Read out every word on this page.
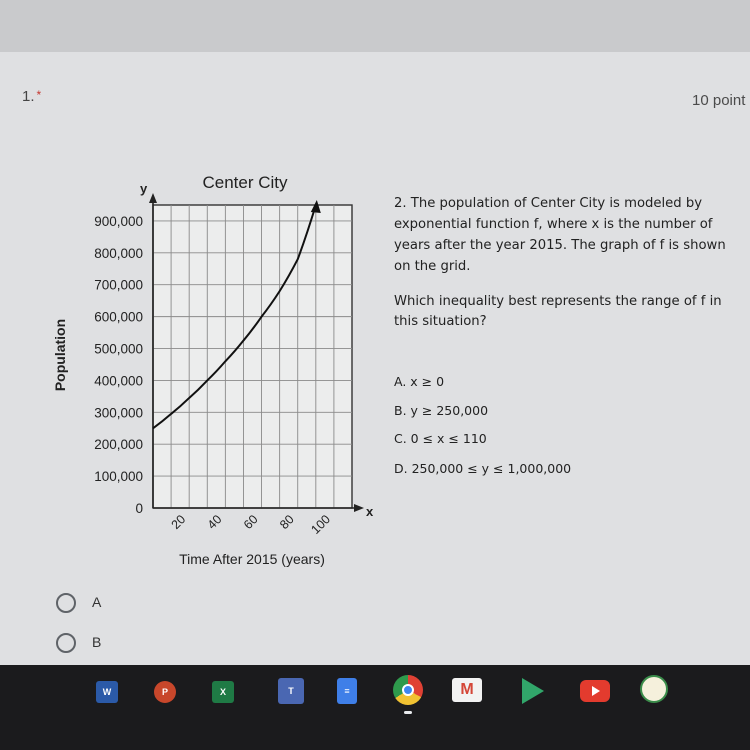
1. *	10 point
y
x
0
100,000
200,000
300,000
400,000
500,000
600,000
700,000
800,000
900,000
20 40 60 80 100
Center City
Time After 2015 (years)
Population

2. The population of Center City is modeled by exponential function f, where x is the number of years after the year 2015. The graph of f is shown on the grid.

Which inequality best represents the range of f in this situation?

A. x ≥ 0
B. y ≥ 250,000
C. 0 ≤ x ≤ 110
D. 250,000 ≤ y ≤ 1,000,000
A
B
W	P	X	T	≡	M
